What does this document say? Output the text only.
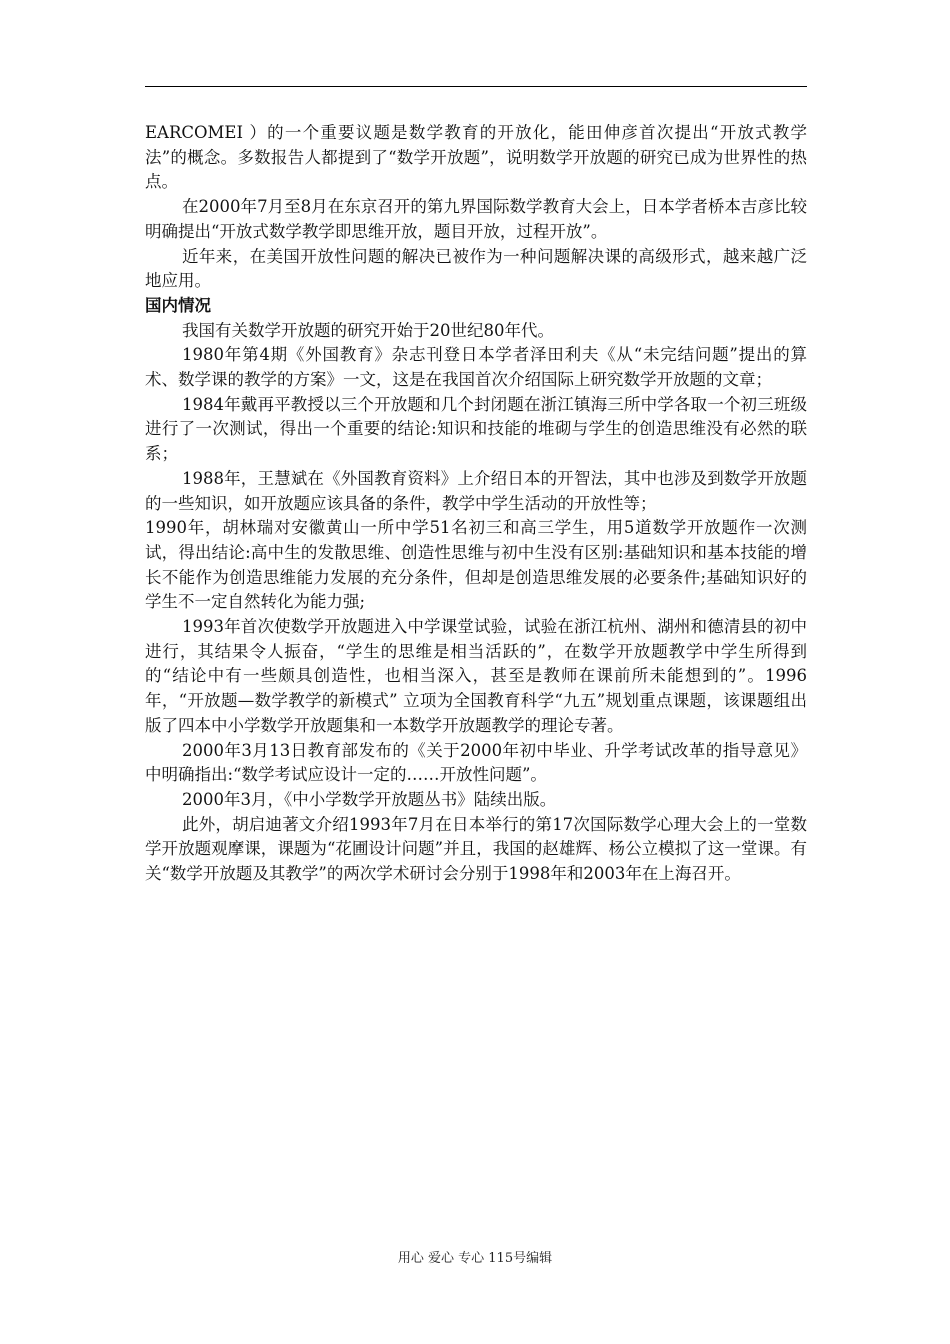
EARCOMEI ）的一个重要议题是数学教育的开放化，能田伸彦首次提出“开放式教学法”的概念。多数报告人都提到了“数学开放题”，说明数学开放题的研究已成为世界性的热点。

在2000年7月至8月在东京召开的第九界国际数学教育大会上，日本学者桥本吉彦比较明确提出“开放式数学教学即思维开放，题目开放，过程开放”。

近年来，在美国开放性问题的解决已被作为一种问题解决课的高级形式，越来越广泛地应用。

国内情况

我国有关数学开放题的研究开始于20世纪80年代。

1980年第4期《外国教育》杂志刊登日本学者泽田利夫《从“未完结问题”提出的算术、数学课的教学的方案》一文，这是在我国首次介绍国际上研究数学开放题的文章；

1984年戴再平教授以三个开放题和几个封闭题在浙江镇海三所中学各取一个初三班级进行了一次测试，得出一个重要的结论:知识和技能的堆砌与学生的创造思维没有必然的联系；

1988年，王慧斌在《外国教育资料》上介绍日本的开智法，其中也涉及到数学开放题的一些知识，如开放题应该具备的条件，教学中学生活动的开放性等；

1990年，胡林瑞对安徽黄山一所中学51名初三和高三学生，用5道数学开放题作一次测试，得出结论:高中生的发散思维、创造性思维与初中生没有区别:基础知识和基本技能的增长不能作为创造思维能力发展的充分条件，但却是创造思维发展的必要条件;基础知识好的学生不一定自然转化为能力强;

1993年首次使数学开放题进入中学课堂试验，试验在浙江杭州、湖州和德清县的初中进行，其结果令人振奋，“学生的思维是相当活跃的”，在数学开放题教学中学生所得到的“结论中有一些颇具创造性，也相当深入，甚至是教师在课前所未能想到的”。1996年，“开放题—数学教学的新模式” 立项为全国教育科学“九五”规划重点课题，该课题组出版了四本中小学数学开放题集和一本数学开放题教学的理论专著。

2000年3月13日教育部发布的《关于2000年初中毕业、升学考试改革的指导意见》中明确指出:“数学考试应设计一定的……开放性问题”。

2000年3月，《中小学数学开放题丛书》陆续出版。

此外，胡启迪著文介绍1993年7月在日本举行的第17次国际数学心理大会上的一堂数学开放题观摩课，课题为“花圃设计问题”并且，我国的赵雄辉、杨公立模拟了这一堂课。有关“数学开放题及其教学”的两次学术研讨会分别于1998年和2003年在上海召开。

用心 爱心 专心 115号编辑
